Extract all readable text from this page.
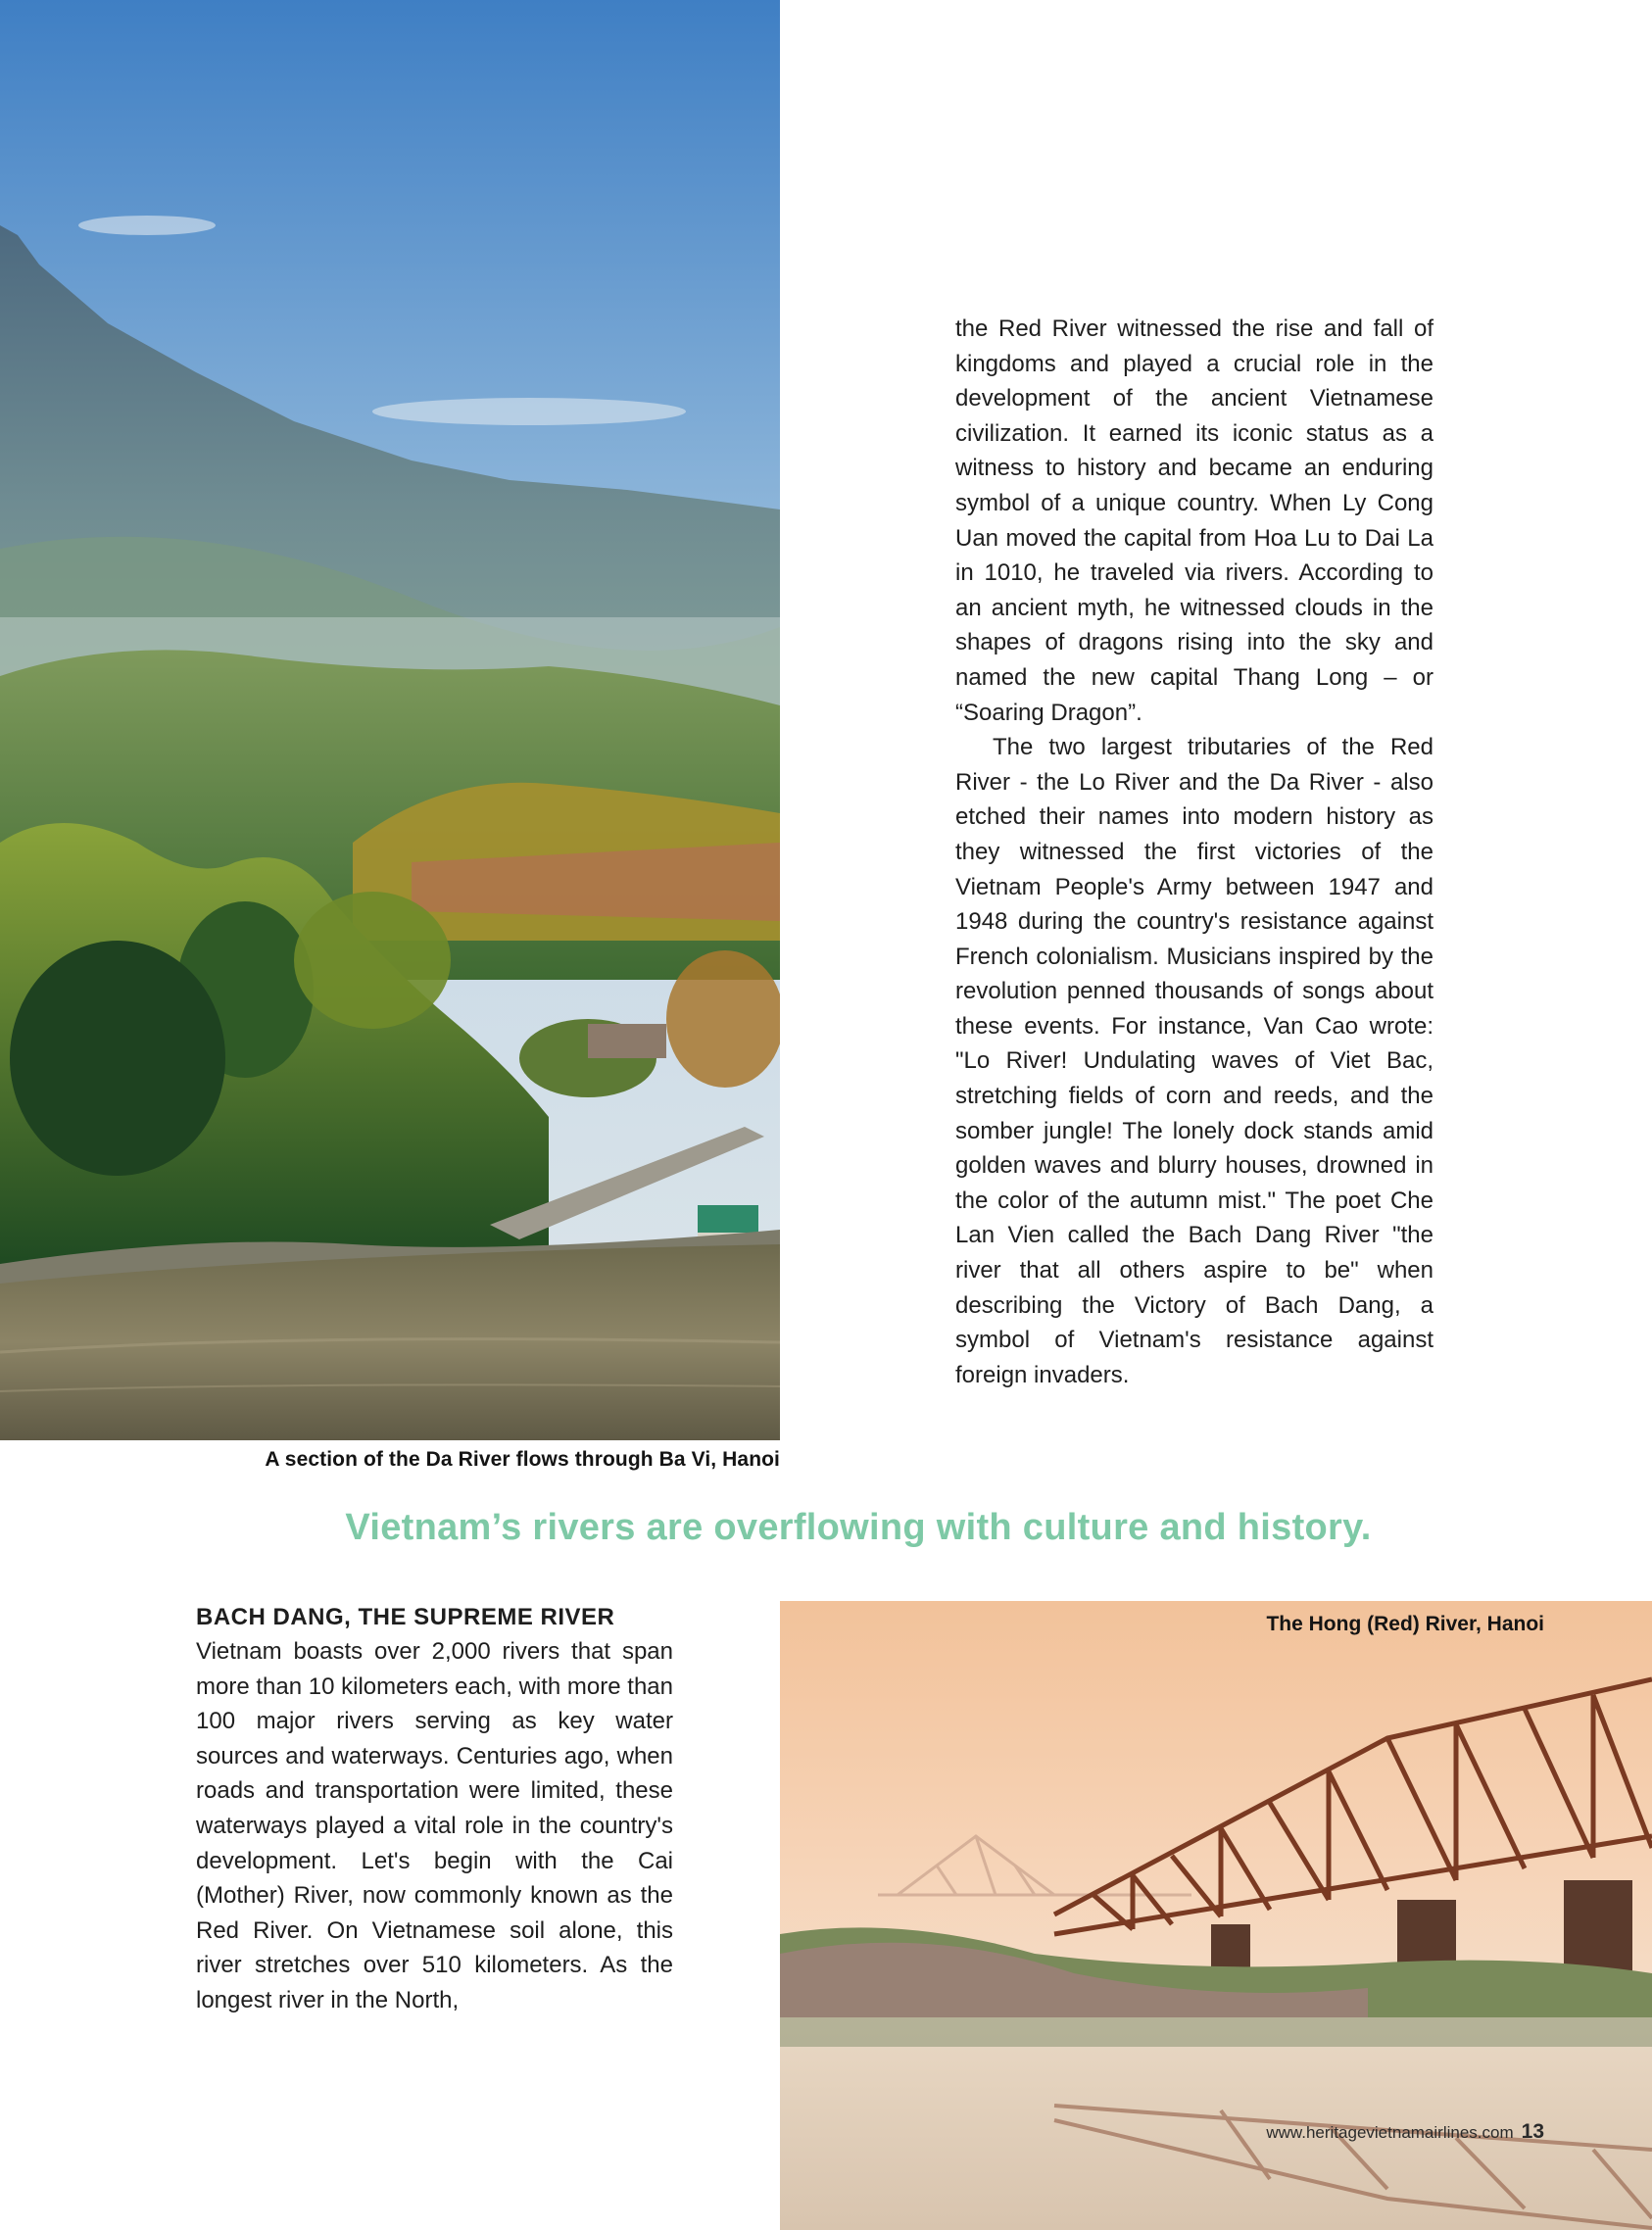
A section of the Da River flows through Ba Vi, Hanoi

the Red River witnessed the rise and fall of kingdoms and played a crucial role in the development of the ancient Vietnamese civilization. It earned its iconic status as a witness to history and became an enduring symbol of a unique country. When Ly Cong Uan moved the capital from Hoa Lu to Dai La in 1010, he traveled via rivers. According to an ancient myth, he witnessed clouds in the shapes of dragons rising into the sky and named the new capital Thang Long – or “Soaring Dragon”.

The two largest tributaries of the Red River - the Lo River and the Da River - also etched their names into modern history as they witnessed the first victories of the Vietnam People's Army between 1947 and 1948 during the country's resistance against French colonialism. Musicians inspired by the revolution penned thousands of songs about these events. For instance, Van Cao wrote: "Lo River! Undulating waves of Viet Bac, stretching fields of corn and reeds, and the somber jungle! The lonely dock stands amid golden waves and blurry houses, drowned in the color of the autumn mist." The poet Che Lan Vien called the Bach Dang River "the river that all others aspire to be" when describing the Victory of Bach Dang, a symbol of Vietnam's resistance against foreign invaders.

Vietnam’s rivers are overflowing with culture and history.
BACH DANG, THE SUPREME RIVER

Vietnam boasts over 2,000 rivers that span more than 10 kilometers each, with more than 100 major rivers serving as key water sources and waterways. Centuries ago, when roads and transportation were limited, these waterways played a vital role in the country's development. Let's begin with the Cai (Mother) River, now commonly known as the Red River. On Vietnamese soil alone, this river stretches over 510 kilometers. As the longest river in the North,

The Hong (Red) River, Hanoi
www.heritagevietnamairlines.com 13
